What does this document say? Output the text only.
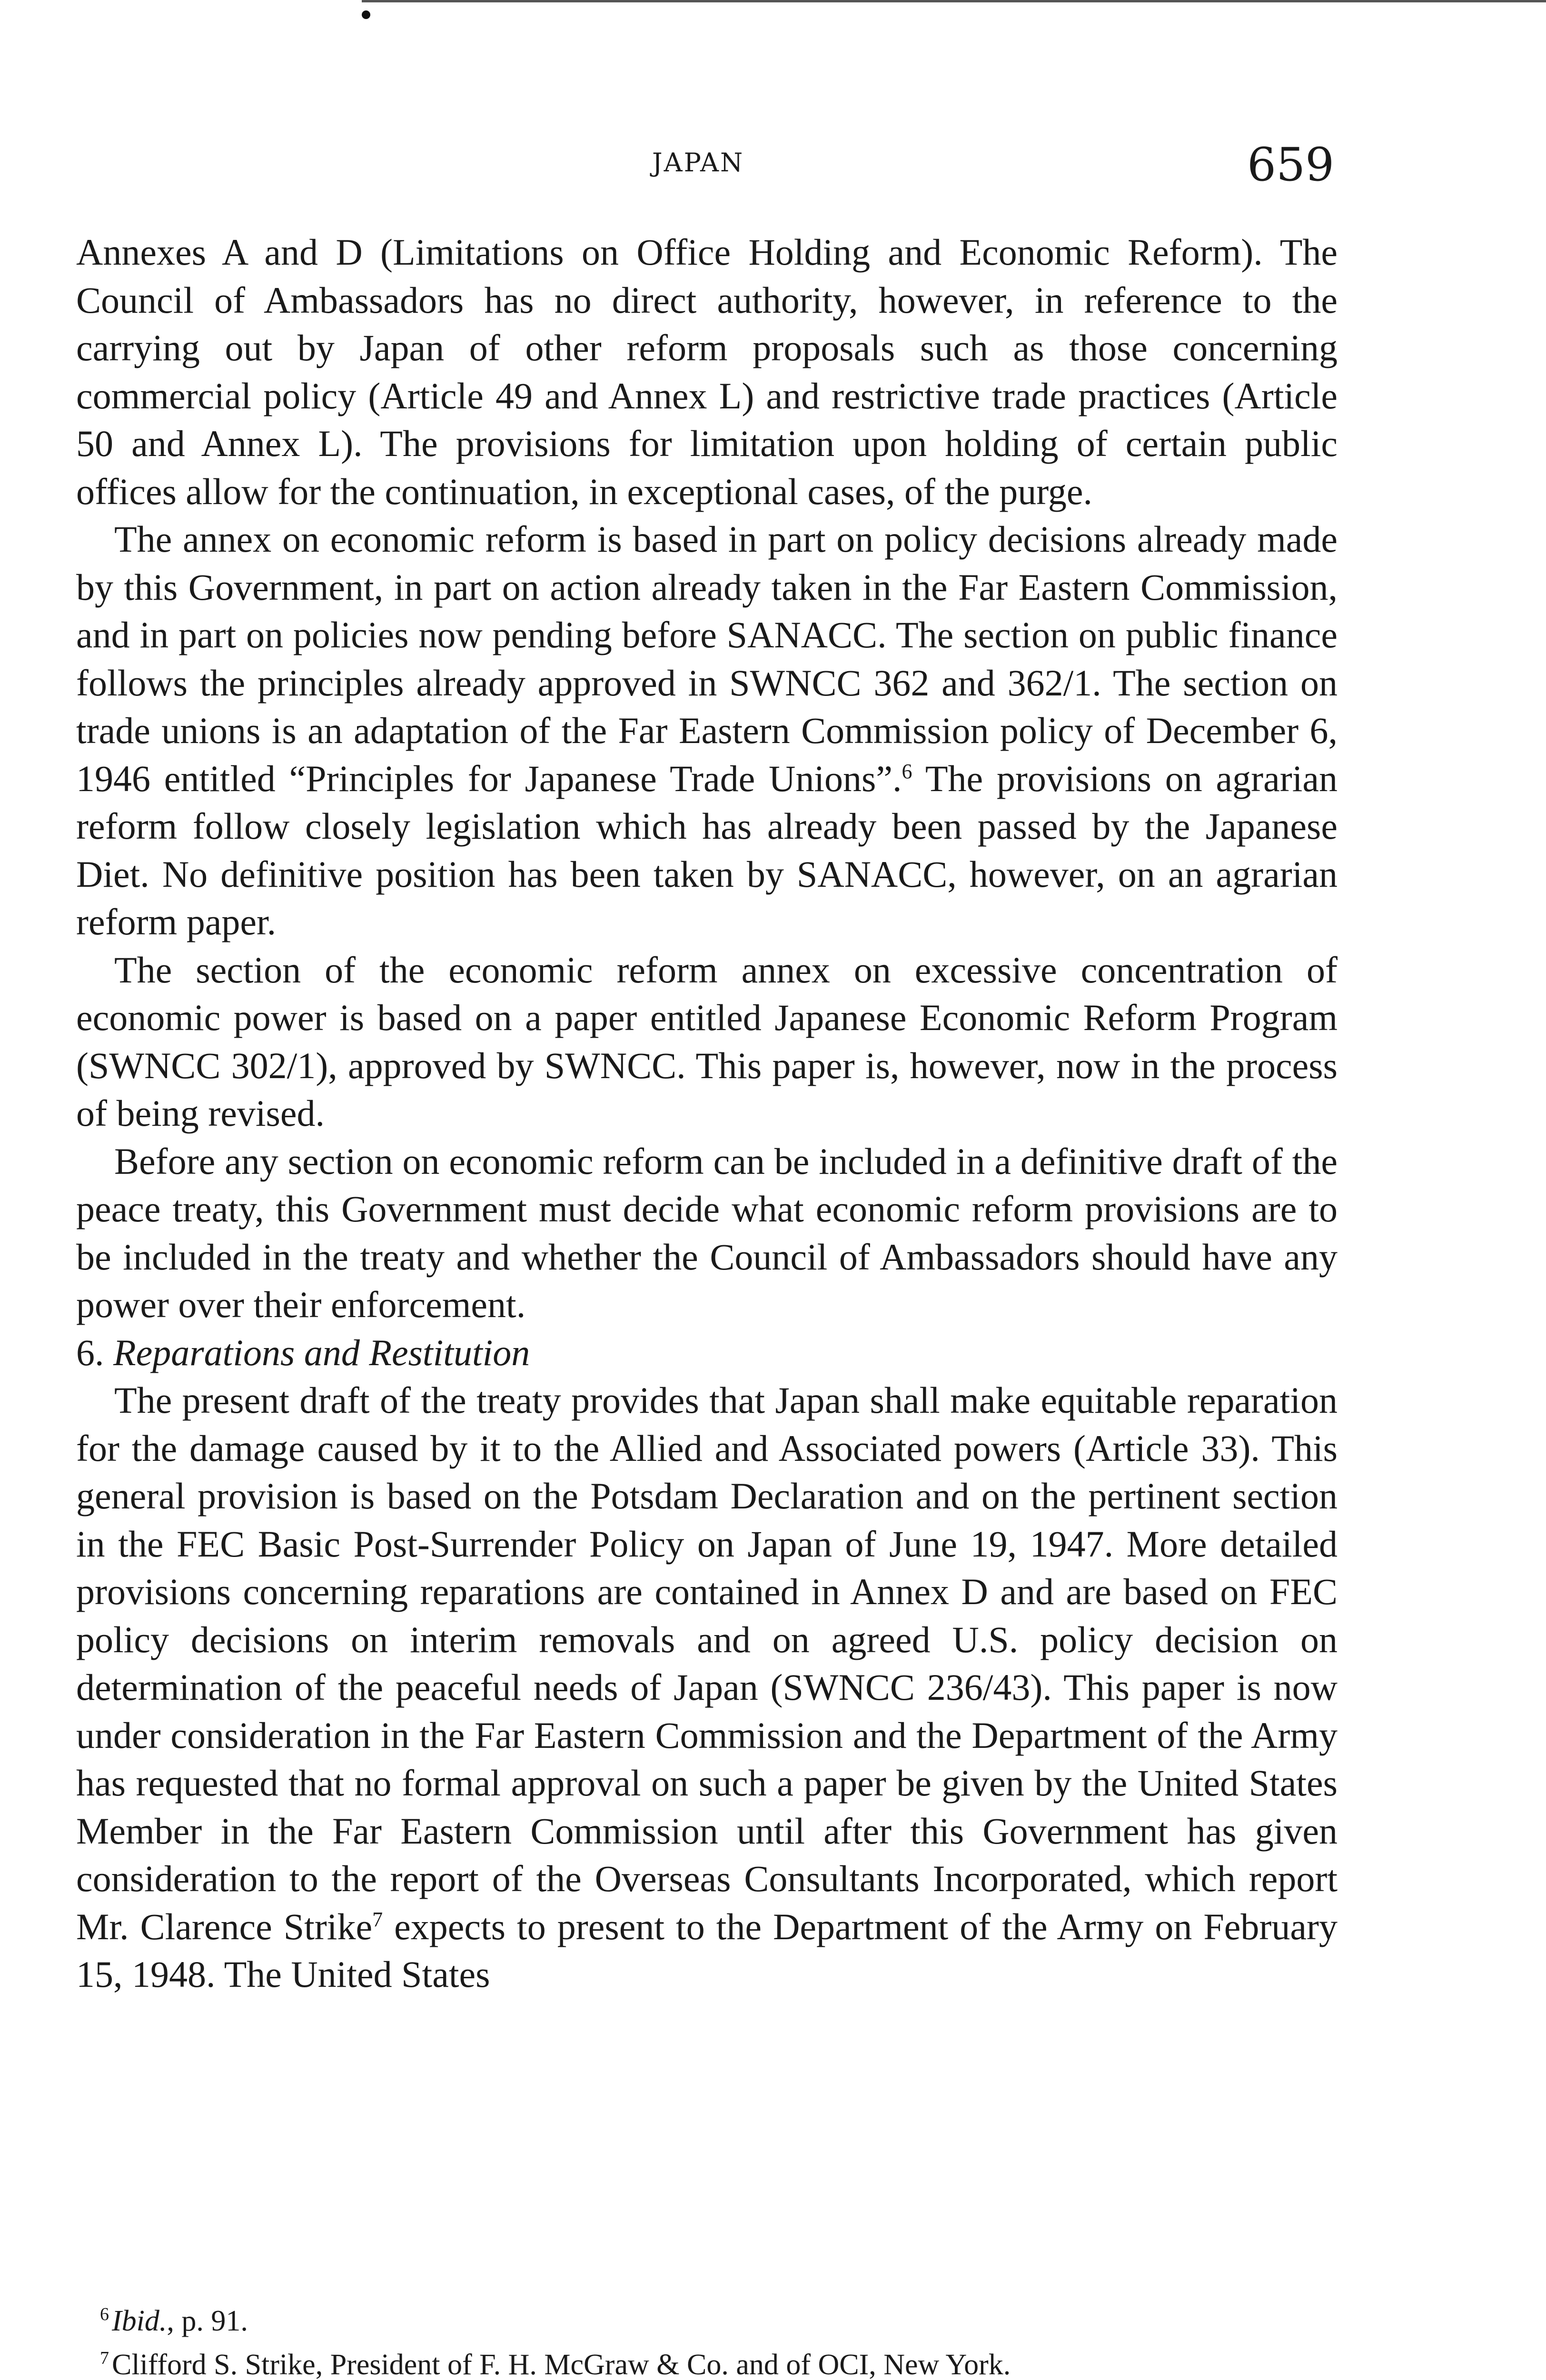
JAPAN	659

Annexes A and D (Limitations on Office Holding and Economic Reform). The Council of Ambassadors has no direct authority, however, in reference to the carrying out by Japan of other reform proposals such as those concerning commercial policy (Article 49 and Annex L) and restrictive trade practices (Article 50 and Annex L). The provisions for limitation upon holding of certain public offices allow for the continuation, in exceptional cases, of the purge.

The annex on economic reform is based in part on policy decisions already made by this Government, in part on action already taken in the Far Eastern Commission, and in part on policies now pending before SANACC. The section on public finance follows the principles already approved in SWNCC 362 and 362/1. The section on trade unions is an adaptation of the Far Eastern Commission policy of December 6, 1946 entitled “Principles for Japanese Trade Unions”.$^6$ The provisions on agrarian reform follow closely legislation which has already been passed by the Japanese Diet. No definitive position has been taken by SANACC, however, on an agrarian reform paper.

The section of the economic reform annex on excessive concentration of economic power is based on a paper entitled Japanese Economic Reform Program (SWNCC 302/1), approved by SWNCC. This paper is, however, now in the process of being revised.

Before any section on economic reform can be included in a definitive draft of the peace treaty, this Government must decide what economic reform provisions are to be included in the treaty and whether the Council of Ambassadors should have any power over their enforcement.

6. Reparations and Restitution

The present draft of the treaty provides that Japan shall make equitable reparation for the damage caused by it to the Allied and Associated powers (Article 33). This general provision is based on the Potsdam Declaration and on the pertinent section in the FEC Basic Post-Surrender Policy on Japan of June 19, 1947. More detailed provisions concerning reparations are contained in Annex D and are based on FEC policy decisions on interim removals and on agreed U.S. policy decision on determination of the peaceful needs of Japan (SWNCC 236/43). This paper is now under consideration in the Far Eastern Commission and the Department of the Army has requested that no formal approval on such a paper be given by the United States Member in the Far Eastern Commission until after this Government has given consideration to the report of the Overseas Consultants Incorporated, which report Mr. Clarence Strike$^7$ expects to present to the Department of the Army on February 15, 1948. The United States

$^6$Ibid., p. 91.
$^7$Clifford S. Strike, President of F. H. McGraw & Co. and of OCI, New York.
